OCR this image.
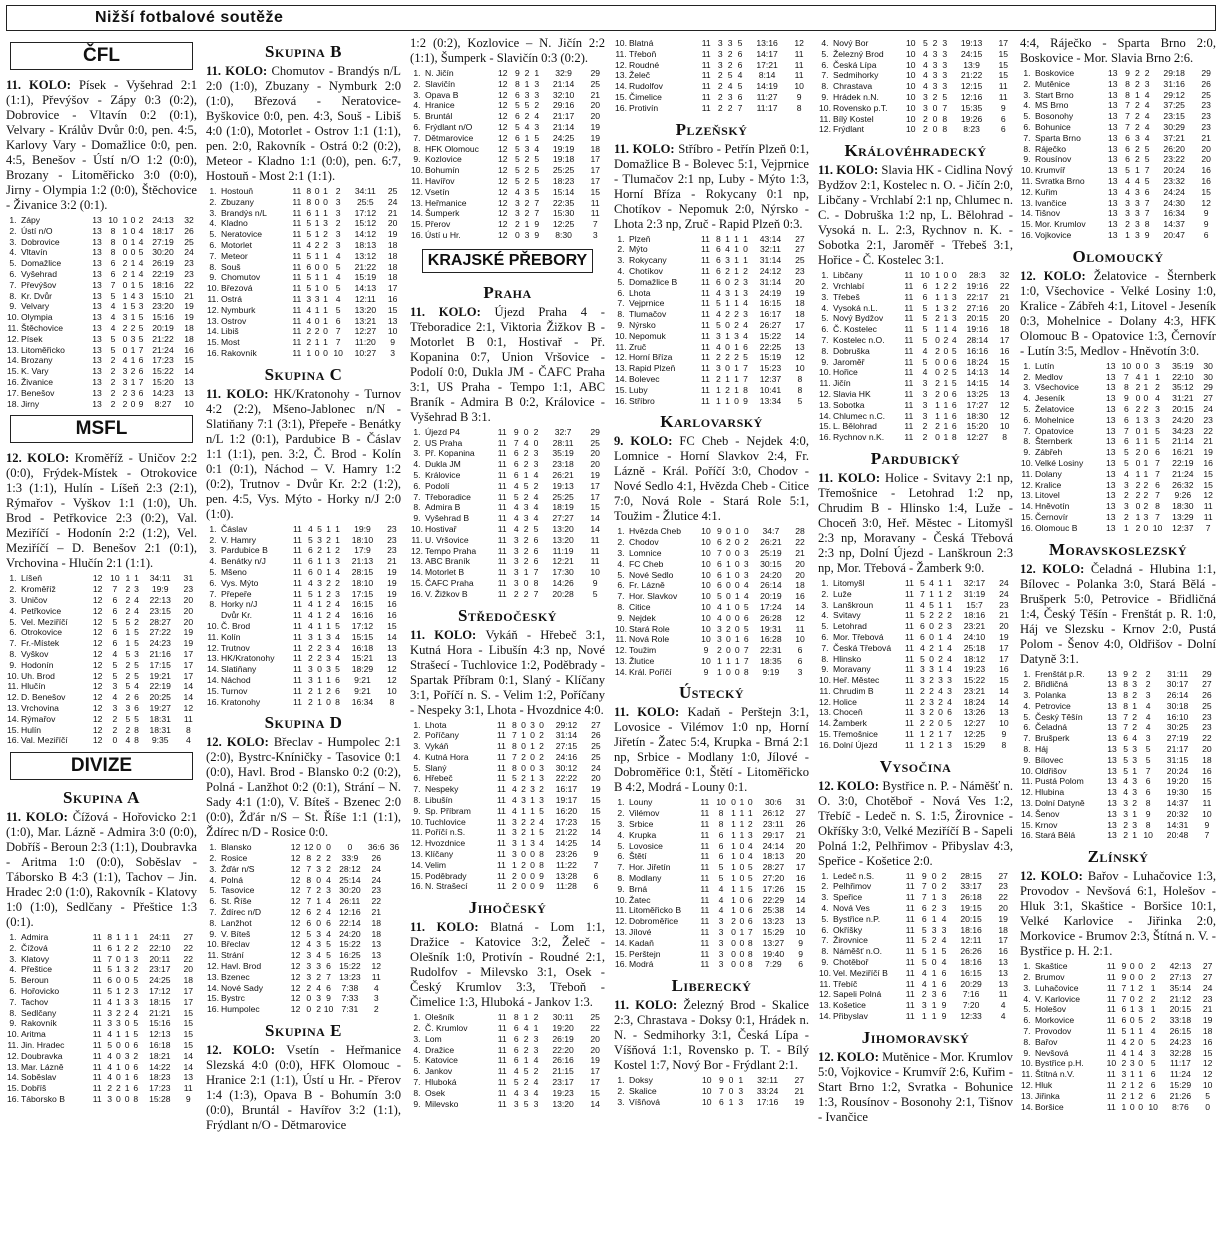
Nižší fotbalové soutěže
ČFL
11. KOLO: Písek - Vyšehrad 2:1 (1:1), Převýšov - Zápy 0:3 (0:2), Dobrovice - Vltavín 0:2 (0:1), Velvary - Králův Dvůr 0:0, pen. 4:5, Karlovy Vary - Domažlice 0:0, pen. 4:5, Benešov - Ústí n/O 1:2 (0:0), Brozany - Litoměřicko 3:0 (0:0), Jirny - Olympia 1:2 (0:0), Štěchovice - Živanice 3:2 (0:1).
1.	Zápy	13	10	1	0	2	24:13	32
2.	Ústí n/O	13	8	1	0	4	18:17	26
3.	Dobrovice	13	8	0	1	4	27:19	25
4.	Vltavín	13	8	0	0	5	30:20	24
5.	Domažlice	13	6	2	1	4	26:19	23
6.	Vyšehrad	13	6	2	1	4	22:19	23
7.	Převýšov	13	7	0	1	5	18:16	22
8.	Kr. Dvůr	13	5	1	4	3	15:10	21
9.	Velvary	13	4	1	5	3	23:20	19
10.	Olympia	13	4	3	1	5	15:16	19
11.	Štěchovice	13	4	2	2	5	20:19	18
12.	Písek	13	5	0	3	5	21:22	18
13.	Litoměřicko	13	5	0	1	7	21:24	16
14.	Brozany	13	2	4	1	6	17:23	15
15.	K. Vary	13	2	3	2	6	15:22	14
16.	Živanice	13	2	3	1	7	15:20	13
17.	Benešov	13	2	2	3	6	14:23	13
18.	Jirny	13	2	2	0	9	8:27	10
MSFL
12. KOLO: Kroměříž - Uničov 2:2 (0:0), Frýdek-Místek - Otrokovice 1:3 (1:1), Hulín - Líšeň 2:3 (2:1), Rýmařov - Vyškov 1:1 (1:0), Uh. Brod - Petřkovice 2:3 (0:2), Val. Meziříčí - Hodonín 2:2 (1:2), Vel. Meziříčí – D. Benešov 2:1 (0:1), Vrchovina - Hlučín 2:1 (1:1).
1.	Líšeň	12	10	1	1	34:11	31
2.	Kroměříž	12	7	2	3	19:9	23
3.	Uničov	12	6	2	4	22:13	20
4.	Petřkovice	12	6	2	4	23:15	20
5.	Vel. Meziříčí	12	5	5	2	28:27	20
6.	Otrokovice	12	6	1	5	27:22	19
7.	Fr.-Místek	12	6	1	5	24:23	19
8.	Vyškov	12	4	5	3	21:16	17
9.	Hodonín	12	5	2	5	17:15	17
10.	Uh. Brod	12	5	2	5	19:21	17
11.	Hlučín	12	3	5	4	22:19	14
12.	D. Benešov	12	4	2	6	20:25	14
13.	Vrchovina	12	3	3	6	19:27	12
14.	Rýmařov	12	2	5	5	18:31	11
15.	Hulín	12	2	2	8	18:31	8
16.	Val. Meziříčí	12	0	4	8	9:35	4
DIVIZE
Skupina A
11. KOLO: Čížová - Hořovicko 2:1 (1:0), Mar. Lázně - Admira 3:0 (0:0), Dobříš - Beroun 2:3 (1:1), Doubravka - Aritma 1:0 (0:0), Soběslav - Táborsko B 4:3 (1:1), Tachov – Jin. Hradec 2:0 (1:0), Rakovník - Klatovy 1:0 (1:0), Sedlčany - Přeštice 1:3 (0:1).
1.	Admira	11	8	1	1	1	24:11	27
2.	Čížová	11	6	1	2	2	22:10	22
3.	Klatovy	11	7	0	1	3	20:11	22
4.	Přeštice	11	5	1	3	2	23:17	20
5.	Beroun	11	6	0	0	5	24:25	18
6.	Hořovicko	11	5	1	2	3	17:12	17
7.	Tachov	11	4	1	3	3	18:15	17
8.	Sedlčany	11	3	2	2	4	21:21	15
9.	Rakovník	11	3	3	0	5	15:16	15
10.	Aritma	11	4	1	1	5	12:13	15
11.	Jin. Hradec	11	5	0	0	6	16:18	15
12.	Doubravka	11	4	0	3	2	18:21	14
13.	Mar. Lázně	11	4	1	0	6	14:22	14
14.	Soběslav	11	4	0	1	6	18:23	13
15.	Dobříš	11	2	2	1	6	17:23	11
16.	Táborsko B	11	3	0	0	8	15:28	9
Skupina B
11. KOLO: Chomutov - Brandýs n/L 2:0 (1:0), Zbuzany - Nymburk 2:0 (1:0), Březová - Neratovice-Byškovice 0:0, pen. 4:3, Souš - Libiš 4:0 (1:0), Motorlet - Ostrov 1:1 (1:1), pen. 2:0, Rakovník - Ostrá 0:2 (0:2), Meteor - Kladno 1:1 (0:0), pen. 6:7, Hostouň - Most 2:1 (1:1).
1.	Hostouň	11	8	0	1	2	34:11	25
2.	Zbuzany	11	8	0	0	3	25:5	24
3.	Brandýs n/L	11	6	1	1	3	17:12	21
4.	Kladno	11	5	1	3	2	15:12	20
5.	Neratovice	11	5	1	2	3	14:12	19
6.	Motorlet	11	4	2	2	3	18:13	18
7.	Meteor	11	5	1	1	4	13:12	18
8.	Souš	11	6	0	0	5	21:22	18
9.	Chomutov	11	5	1	1	4	15:19	18
10.	Březová	11	5	1	0	5	14:13	17
11.	Ostrá	11	3	3	1	4	12:11	16
12.	Nymburk	11	4	1	1	5	13:20	15
13.	Ostrov	11	4	0	1	6	13:21	13
14.	Libiš	11	2	2	0	7	12:27	10
15.	Most	11	2	1	1	7	11:20	9
16.	Rakovník	11	1	0	0	10	10:27	3
Skupina C
11. KOLO: HK/Kratonohy - Turnov 4:2 (2:2), Mšeno-Jablonec n/N - Slatiňany 7:1 (3:1), Přepeře - Benátky n/L 1:2 (0:1), Pardubice B - Čáslav 1:1 (1:1), pen. 3:2, Č. Brod - Kolín 0:1 (0:1), Náchod – V. Hamry 1:2 (0:2), Trutnov - Dvůr Kr. 2:2 (1:2), pen. 4:5, Vys. Mýto - Horky n/J 2:0 (1:0).
1.	Čáslav	11	4	5	1	1	19:9	23
2.	V. Hamry	11	5	3	2	1	18:10	23
3.	Pardubice B	11	6	2	1	2	17:9	23
4.	Benátky n/J	11	6	1	1	3	21:13	21
5.	Mšeno	11	6	0	1	4	28:15	19
6.	Vys. Mýto	11	4	3	2	2	18:10	19
7.	Přepeře	11	5	1	2	3	17:15	19
8.	Horky n/J	11	4	1	2	4	16:15	16
	Dvůr Kr.	11	4	1	2	4	16:16	16
10.	Č. Brod	11	4	1	1	5	17:12	15
11.	Kolín	11	3	1	3	4	15:15	14
12.	Trutnov	11	2	2	3	4	16:18	13
13.	HK/Kratonohy	11	2	2	3	4	15:21	13
14.	Slatiňany	11	3	0	3	5	18:29	12
14.	Náchod	11	3	1	1	6	9:21	12
15.	Turnov	11	2	1	2	6	9:21	10
16.	Kratonohy	11	2	1	0	8	16:34	8
Skupina D
12. KOLO: Břeclav - Humpolec 2:1 (2:0), Bystrc-Kníničky - Tasovice 0:1 (0:0), Havl. Brod - Blansko 0:2 (0:2), Polná - Lanžhot 0:2 (0:1), Strání – N. Sady 4:1 (1:0), V. Bíteš - Bzenec 2:0 (0:0), Žďár n/S – St. Říše 1:1 (1:1), Ždírec n/D - Rosice 0:0.
1.	Blansko	12	12	0	0	0	36:6	36
2.	Rosice	12	8	2	2	33:9	26	
3.	Žďár n/S	12	7	3	2	28:12	24	
4.	Polná	12	8	0	4	25:14	24	
5.	Tasovice	12	7	2	3	30:20	23	
6.	St. Říše	12	7	1	4	26:11	22	
7.	Ždírec n/D	12	6	2	4	12:16	21	
8.	Lanžhot	12	6	0	6	22:14	18	
9.	V. Bíteš	12	5	3	4	24:20	18	
10.	Břeclav	12	4	3	5	15:22	13	
11.	Strání	12	3	4	5	16:25	13	
12.	Havl. Brod	12	3	3	6	15:22	12	
13.	Bzenec	12	3	2	7	13:23	11	
14.	Nové Sady	12	2	4	6	7:38	4	
15.	Bystrc	12	0	3	9	7:33	3	
16.	Humpolec	12	0	2	10	7:31	2	
Skupina E
12. KOLO: Vsetín - Heřmanice Slezská 4:0 (0:0), HFK Olomouc - Hranice 2:1 (1:1), Ústí u Hr. - Přerov 1:4 (1:3), Opava B - Bohumín 3:0 (0:0), Bruntál - Havířov 3:2 (1:1), Frýdlant n/O - Dětmarovice
1:2 (0:2), Kozlovice – N. Jičín 2:2 (1:1), Šumperk - Slavičín 0:3 (0:2).
1.	N. Jičín	12	9	2	1	32:9	29
2.	Slavičín	12	8	1	3	21:14	25
3.	Opava B	12	6	3	3	32:10	21
4.	Hranice	12	5	5	2	29:16	20
5.	Bruntál	12	6	2	4	21:17	20
6.	Frýdlant n/O	12	5	4	3	21:14	19
7.	Dětmarovice	12	6	1	5	24:25	19
8.	HFK Olomouc	12	5	3	4	19:19	18
9.	Kozlovice	12	5	2	5	19:18	17
10.	Bohumín	12	5	2	5	25:25	17
11.	Havířov	12	5	2	5	18:23	17
12.	Vsetín	12	4	3	5	15:14	15
13.	Heřmanice	12	3	2	7	22:35	11
14.	Šumperk	12	3	2	7	15:30	11
15.	Přerov	12	2	1	9	12:25	7
16.	Ústí u Hr.	12	0	3	9	8:30	3
KRAJSKÉ PŘEBORY
Praha
11. KOLO: Újezd Praha 4 - Třeboradice 2:1, Viktoria Žižkov B - Motorlet B 0:1, Hostivař - Př. Kopanina 0:7, Union Vršovice - Podolí 0:0, Dukla JM - ČAFC Praha 3:1, US Praha - Tempo 1:1, ABC Braník - Admira B 0:2, Královice - Vyšehrad B 3:1.
1.	Újezd P4	11	9	0	2	32:7	29
2.	US Praha	11	7	4	0	28:11	25
3.	Př. Kopanina	11	6	2	3	35:19	20
4.	Dukla JM	11	6	2	3	23:18	20
5.	Královice	11	6	1	4	26:21	19
6.	Podolí	11	4	5	2	19:13	17
7.	Třeboradice	11	5	2	4	25:25	17
8.	Admira B	11	4	3	4	18:19	15
9.	Vyšehrad B	11	4	3	4	27:27	14
10.	Hostivař	11	4	2	5	13:20	14
11.	U. Vršovice	11	3	2	6	13:20	11
12.	Tempo Praha	11	3	2	6	11:19	11
13.	ABC Braník	11	3	2	6	12:21	11
14.	Motorlet B	11	3	1	7	17:30	10
15.	ČAFC Praha	11	3	0	8	14:26	9
16.	V. Žižkov B	11	2	2	7	20:28	5
Středočeský
11. KOLO: Vykáň - Hřebeč 3:1, Kutná Hora - Libušín 4:3 np, Nové Strašecí - Tuchlovice 1:2, Poděbrady - Spartak Příbram 0:1, Slaný - Klíčany 3:1, Poříčí n. S. - Velim 1:2, Poříčany - Nespeky 3:1, Lhota - Hvozdnice 4:0.
1.	Lhota	11	8	0	3	0	29:12	27
2.	Poříčany	11	7	1	0	2	31:14	26
3.	Vykáň	11	8	0	1	2	27:15	25
4.	Kutná Hora	11	7	2	0	2	24:16	25
5.	Slaný	11	8	0	0	3	30:12	24
6.	Hřebeč	11	5	2	1	3	22:22	20
7.	Nespeky	11	4	2	3	2	16:17	19
8.	Libušín	11	4	3	1	3	19:17	15
9.	Sp. Příbram	11	4	1	1	5	16:20	15
10.	Tuchlovice	11	3	2	2	4	17:23	15
11.	Poříčí n.S.	11	3	2	1	5	21:22	14
12.	Hvozdnice	11	3	1	3	4	14:25	14
13.	Klíčany	11	3	0	0	8	23:26	9
14.	Velim	11	1	2	0	8	11:22	7
15.	Poděbrady	11	2	0	0	9	13:28	6
16.	N. Strašecí	11	2	0	0	9	11:28	6
Jihočeský
11. KOLO: Blatná - Lom 1:1, Dražice - Katovice 3:2, Želeč - Olešník 1:0, Protivín - Roudné 2:1, Rudolfov - Milevsko 3:1, Osek - Český Krumlov 3:3, Třeboň - Čimelice 1:3, Hluboká - Jankov 1:3.
1.	Olešník	11	8	1	2	30:11	25
2.	Č. Krumlov	11	6	4	1	19:20	22
3.	Lom	11	6	2	3	26:19	20
4.	Dražice	11	6	2	3	22:20	20
5.	Katovice	11	6	1	4	26:16	19
6.	Jankov	11	4	5	2	21:15	17
7.	Hluboká	11	5	2	4	23:17	17
8.	Osek	11	4	3	4	19:23	15
9.	Milevsko	11	3	5	3	13:20	14
10.	Blatná	11	3	3	5	13:16	12
11.	Třeboň	11	3	2	6	14:17	11
12.	Roudné	11	3	2	6	17:21	11
13.	Želeč	11	2	5	4	8:14	11
14.	Rudolfov	11	2	4	5	14:19	10
15.	Čimelice	11	2	3	6	11:27	9
16.	Protivín	11	2	2	7	11:17	8
Plzeňský
11. KOLO: Stříbro - Petřín Plzeň 0:1, Domažlice B - Bolevec 5:1, Vejprnice - Tlumačov 2:1 np, Luby - Mýto 1:3, Horní Bříza - Rokycany 0:1 np, Chotíkov - Nepomuk 2:0, Nýrsko - Lhota 2:3 np, Zruč - Rapid Plzeň 0:3.
1.	Plzeň	11	8	1	1	1	43:14	27
2.	Mýto	11	6	4	1	0	32:11	27
3.	Rokycany	11	6	3	1	1	31:14	25
4.	Chotíkov	11	6	2	1	2	24:12	23
5.	Domažlice B	11	6	0	2	3	31:14	20
6.	Lhota	11	4	3	1	3	24:19	19
7.	Vejprnice	11	5	1	1	4	16:15	18
8.	Tlumačov	11	4	2	2	3	16:17	18
9.	Nýrsko	11	5	0	2	4	26:27	17
10.	Nepomuk	11	3	1	3	4	15:22	14
11.	Zruč	11	4	0	1	6	22:25	13
12.	Horní Bříza	11	2	2	2	5	15:19	12
13.	Rapid Plzeň	11	3	0	1	7	15:23	10
14.	Bolevec	11	2	1	1	7	12:37	8
15.	Luby	11	1	2	1	8	10:41	8
16.	Stříbro	11	1	1	0	9	13:34	5
Karlovarský
9. KOLO: FC Cheb - Nejdek 4:0, Lomnice - Horní Slavkov 2:4, Fr. Lázně - Král. Poříčí 3:0, Chodov - Nové Sedlo 4:1, Hvězda Cheb - Citice 7:0, Nová Role - Stará Role 5:1, Toužim - Žlutice 4:1.
1.	Hvězda Cheb	10	9	0	1	0	34:7	28
2.	Chodov	10	6	2	0	2	26:21	22
3.	Lomnice	10	7	0	0	3	25:19	21
4.	FC Cheb	10	6	1	0	3	30:15	20
5.	Nové Sedlo	10	6	1	0	3	24:20	20
6.	Fr. Lázně	10	6	0	0	4	26:14	18
7.	Hor. Slavkov	10	5	0	1	4	20:19	16
8.	Citice	10	4	1	0	5	17:24	14
9.	Nejdek	10	4	0	0	6	26:28	12
10.	Stará Role	10	3	2	0	5	19:31	11
11.	Nová Role	10	3	0	1	6	16:28	10
12.	Toužim	9	2	0	0	7	22:31	6
13.	Žlutice	10	1	1	1	7	18:35	6
14.	Král. Poříčí	9	1	0	0	8	9:19	3
Ústecký
11. KOLO: Kadaň - Perštejn 3:1, Lovosice - Vilémov 1:0 np, Horní Jiřetín - Žatec 5:4, Krupka - Brná 2:1 np, Srbice - Modlany 1:0, Jílové - Dobroměřice 0:1, Štětí - Litoměřicko B 4:2, Modrá - Louny 0:1.
1.	Louny	11	10	0	1	0	30:6	31
2.	Vilémov	11	8	1	1	1	26:12	27
3.	Srbice	11	8	1	1	2	23:11	26
4.	Krupka	11	6	1	1	3	29:17	21
5.	Lovosice	11	6	1	0	4	24:14	20
6.	Štětí	11	6	1	0	4	18:13	20
7.	Hor. Jiřetín	11	5	1	0	5	28:27	17
8.	Modlany	11	5	1	0	5	27:20	16
9.	Brná	11	4	1	1	5	17:26	15
10.	Žatec	11	4	1	0	6	22:29	14
11.	Litoměřicko B	11	4	1	0	6	25:38	14
12.	Dobroměřice	11	3	2	0	6	13:23	13
13.	Jílové	11	3	0	1	7	15:29	10
14.	Kadaň	11	3	0	0	8	13:27	9
15.	Perštejn	11	3	0	0	8	19:40	9
16.	Modrá	11	3	0	0	8	7:29	6
Liberecký
11. KOLO: Železný Brod - Skalice 2:3, Chrastava - Doksy 0:1, Hrádek n. N. - Sedmihorky 3:1, Česká Lípa - Víšňová 1:1, Rovensko p. T. - Bílý Kostel 1:7, Nový Bor - Frýdlant 2:1.
1.	Doksy	10	9	0	1	32:11	27
2.	Skalice	10	7	0	3	33:24	21
3.	Víšňová	10	6	1	3	17:16	19
4.	Nový Bor	10	5	2	3	19:13	17
5.	Železný Brod	10	4	3	3	24:15	15
6.	Česká Lípa	10	4	3	3	13:9	15
7.	Sedmihorky	10	4	3	3	21:22	15
8.	Chrastava	10	4	3	3	12:15	11
9.	Hrádek n.N.	10	3	2	5	12:16	11
10.	Rovensko p.T.	10	3	0	7	15:35	9
11.	Bílý Kostel	10	2	0	8	19:26	6
12.	Frýdlant	10	2	0	8	8:23	6
Královéhradecký
11. KOLO: Slavia HK - Cidlina Nový Bydžov 2:1, Kostelec n. O. - Jičín 2:0, Libčany - Vrchlabí 2:1 np, Chlumec n. C. - Dobruška 1:2 np, L. Bělohrad - Vysoká n. L. 2:3, Rychnov n. K. - Sobotka 2:1, Jaroměř - Třebeš 3:1, Hořice - Č. Kostelec 3:1.
1.	Libčany	11	10	1	0	0	28:3	32
2.	Vrchlabí	11	6	1	2	2	19:16	22
3.	Třebeš	11	6	1	1	3	22:17	21
4.	Vysoká n.L.	11	5	1	3	2	27:16	20
5.	Nový Bydžov	11	5	2	1	3	20:15	20
6.	Č. Kostelec	11	5	1	1	4	19:16	18
7.	Kostelec n.O.	11	5	0	2	4	28:14	17
8.	Dobruška	11	4	2	0	5	16:16	16
9.	Jaroměř	11	5	0	0	6	18:24	15
10.	Hořice	11	4	0	2	5	14:13	14
11.	Jičín	11	3	2	1	5	14:15	14
12.	Slavia HK	11	3	2	0	6	13:25	13
13.	Sobotka	11	3	1	1	6	17:27	12
14.	Chlumec n.C.	11	3	1	1	6	18:30	12
15.	L. Bělohrad	11	2	2	1	6	15:20	10
16.	Rychnov n.K.	11	2	0	1	8	12:27	8
Pardubický
11. KOLO: Holice - Svitavy 2:1 np, Třemošnice - Letohrad 1:2 np, Chrudim B - Hlinsko 1:4, Luže - Choceň 3:0, Heř. Městec - Litomyšl 2:3 np, Moravany - Česká Třebová 2:3 np, Dolní Újezd - Lanškroun 2:3 np, Mor. Třebová - Žamberk 9:0.
1.	Litomyšl	11	5	4	1	1	32:17	24
2.	Luže	11	7	1	1	2	31:19	24
3.	Lanškroun	11	4	5	1	1	15:7	23
4.	Svitavy	11	5	2	2	2	18:16	21
5.	Letohrad	11	6	0	2	3	23:21	20
6.	Mor. Třebová	11	6	0	1	4	24:10	19
7.	Česká Třebová	11	4	2	1	4	25:18	17
8.	Hlinsko	11	5	0	2	4	18:12	17
9.	Moravany	11	3	3	1	4	19:23	16
10.	Heř. Městec	11	3	2	3	3	15:22	15
11.	Chrudim B	11	2	2	4	3	23:21	14
12.	Holice	11	2	3	2	4	18:24	14
13.	Choceň	11	3	2	0	6	13:26	13
14.	Žamberk	11	2	2	0	5	12:27	10
15.	Třemošnice	11	1	2	1	7	12:25	9
16.	Dolní Újezd	11	1	2	1	3	15:29	8
Vysočina
12. KOLO: Bystřice n. P. - Náměšť n. O. 3:0, Chotěboř - Nová Ves 1:2, Třebíč - Ledeč n. S. 1:5, Žirovnice - Okříšky 3:0, Velké Meziříčí B - Sapeli Polná 1:2, Pelhřimov - Přibyslav 4:3, Speřice - Košetice 2:0.
1.	Ledeč n.S.	11	9	0	2	28:15	27
2.	Pelhřimov	11	7	0	2	33:17	23
3.	Speřice	11	7	1	3	26:18	22
4.	Nová Ves	11	6	2	3	19:15	20
5.	Bystřice n.P.	11	6	1	4	20:15	19
6.	Okříšky	11	5	3	3	18:16	18
7.	Žirovnice	11	5	2	4	12:11	17
8.	Náměšť n.O.	11	5	1	5	26:26	16
9.	Chotěboř	11	5	0	4	18:16	13
10.	Vel. Meziříčí B	11	4	1	6	16:15	13
11.	Třebíč	11	4	1	6	20:29	13
12.	Sapeli Polná	11	2	3	6	7:16	11
13.	Košetice	11	3	1	9	7:20	4
14.	Přibyslav	11	1	1	9	12:33	4
Jihomoravský
12. KOLO: Mutěnice - Mor. Krumlov 5:0, Vojkovice - Krumvíř 2:6, Kuřim - Start Brno 1:2, Svratka - Bohunice 1:3, Rousínov - Bosonohy 2:1, Tišnov - Ivančice
4:4, Ráječko - Sparta Brno 2:0, Boskovice - Mor. Slavia Brno 2:6.
1.	Boskovice	13	9	2	2	29:18	29
2.	Mutěnice	13	8	2	3	31:16	26
3.	Start Brno	13	8	1	4	29:12	25
4.	MS Brno	13	7	2	4	37:25	23
5.	Bosonohy	13	7	2	4	23:15	23
6.	Bohunice	13	7	2	4	30:29	23
7.	Sparta Brno	13	6	3	4	37:21	21
8.	Ráječko	13	6	2	5	26:20	20
9.	Rousínov	13	6	2	5	23:22	20
10.	Krumvíř	13	5	1	7	20:24	16
11.	Svratka Brno	13	4	4	5	23:32	16
12.	Kuřim	13	4	3	6	24:24	15
13.	Ivančice	13	3	3	7	24:30	12
14.	Tišnov	13	3	3	7	16:34	9
15.	Mor. Krumlov	13	2	3	8	14:37	9
16.	Vojkovice	13	1	3	9	20:47	6
Olomoucký
12. KOLO: Želatovice - Šternberk 1:0, Všechovice - Velké Losiny 1:0, Kralice - Zábřeh 4:1, Litovel - Jeseník 0:3, Mohelnice - Dolany 4:3, HFK Olomouc B - Opatovice 1:3, Černovír - Lutín 3:5, Medlov - Hněvotín 3:0.
1.	Lutín	13	10	0	0	3	35:19	30
2.	Medlov	13	7	4	1	1	22:10	30
3.	Všechovice	13	8	2	1	2	35:12	29
4.	Jeseník	13	9	0	0	4	31:21	27
5.	Želatovice	13	6	2	2	3	20:15	24
6.	Mohelnice	13	6	1	3	3	24:20	23
7.	Opatovice	13	7	0	1	5	34:23	22
8.	Šternberk	13	6	1	1	5	21:14	21
9.	Zábřeh	13	5	2	0	6	16:21	19
10.	Velké Losiny	13	5	0	1	7	22:19	16
11.	Dolany	13	4	1	1	7	21:24	15
12.	Kralice	13	3	2	2	6	26:32	15
13.	Litovel	13	2	2	2	7	9:26	12
14.	Hněvotín	13	3	0	2	8	18:30	11
15.	Černovír	13	2	1	3	7	13:29	11
16.	Olomouc B	13	1	2	0	10	12:37	7
Moravskoslezský
12. KOLO: Čeladná - Hlubina 1:1, Bílovec - Polanka 3:0, Stará Bělá - Brušperk 5:0, Petrovice - Břidličná 1:4, Český Těšín - Frenštát p. R. 1:0, Háj ve Slezsku - Krnov 2:0, Pustá Polom - Šenov 4:0, Oldřišov - Dolní Datyně 3:1.
1.	Frenštát p.R.	13	9	2	2	31:11	29
2.	Břidličná	13	8	3	2	30:17	27
3.	Polanka	13	8	2	3	26:14	26
4.	Petrovice	13	8	1	4	30:18	25
5.	Český Těšín	13	7	2	4	16:10	23
6.	Čeladná	13	7	2	4	30:25	23
7.	Brušperk	13	6	4	3	27:19	22
8.	Háj	13	5	3	5	21:17	20
9.	Bílovec	13	5	3	5	31:15	18
10.	Oldřišov	13	5	1	7	20:24	16
11.	Pustá Polom	13	4	3	6	19:20	15
12.	Hlubina	13	4	3	6	19:30	15
13.	Dolní Datyně	13	3	2	8	14:37	11
14.	Šenov	13	3	1	9	20:32	10
15.	Krnov	13	2	3	8	14:31	9
16.	Stará Bělá	13	2	1	10	20:48	7
Zlínský
12. KOLO: Bařov - Luhačovice 1:3, Provodov - Nevšová 6:1, Holešov - Hluk 3:1, Skaštice - Boršice 10:1, Velké Karlovice - Jiřinka 2:0, Morkovice - Brumov 2:3, Štítná n. V. - Bystřice p. H. 2:1.
1.	Skaštice	11	9	0	0	2	42:13	27
2.	Brumov	11	9	0	0	2	27:13	27
3.	Luhačovice	11	7	1	2	1	35:14	24
4.	V. Karlovice	11	7	0	2	2	21:12	23
5.	Holešov	11	6	1	3	1	20:15	21
6.	Morkovice	11	6	0	5	2	33:18	19
7.	Provodov	11	5	1	1	4	26:15	18
8.	Bařov	11	4	2	0	5	24:23	16
9.	Nevšová	11	4	1	4	3	32:28	15
10.	Bystřice p.H.	10	2	3	0	5	11:17	12
11.	Štítná n.V.	11	3	1	1	6	11:24	12
12.	Hluk	11	2	1	2	6	15:29	10
13.	Jiřinka	11	2	1	2	6	21:26	5
14.	Boršice	11	1	0	0	10	8:76	0
